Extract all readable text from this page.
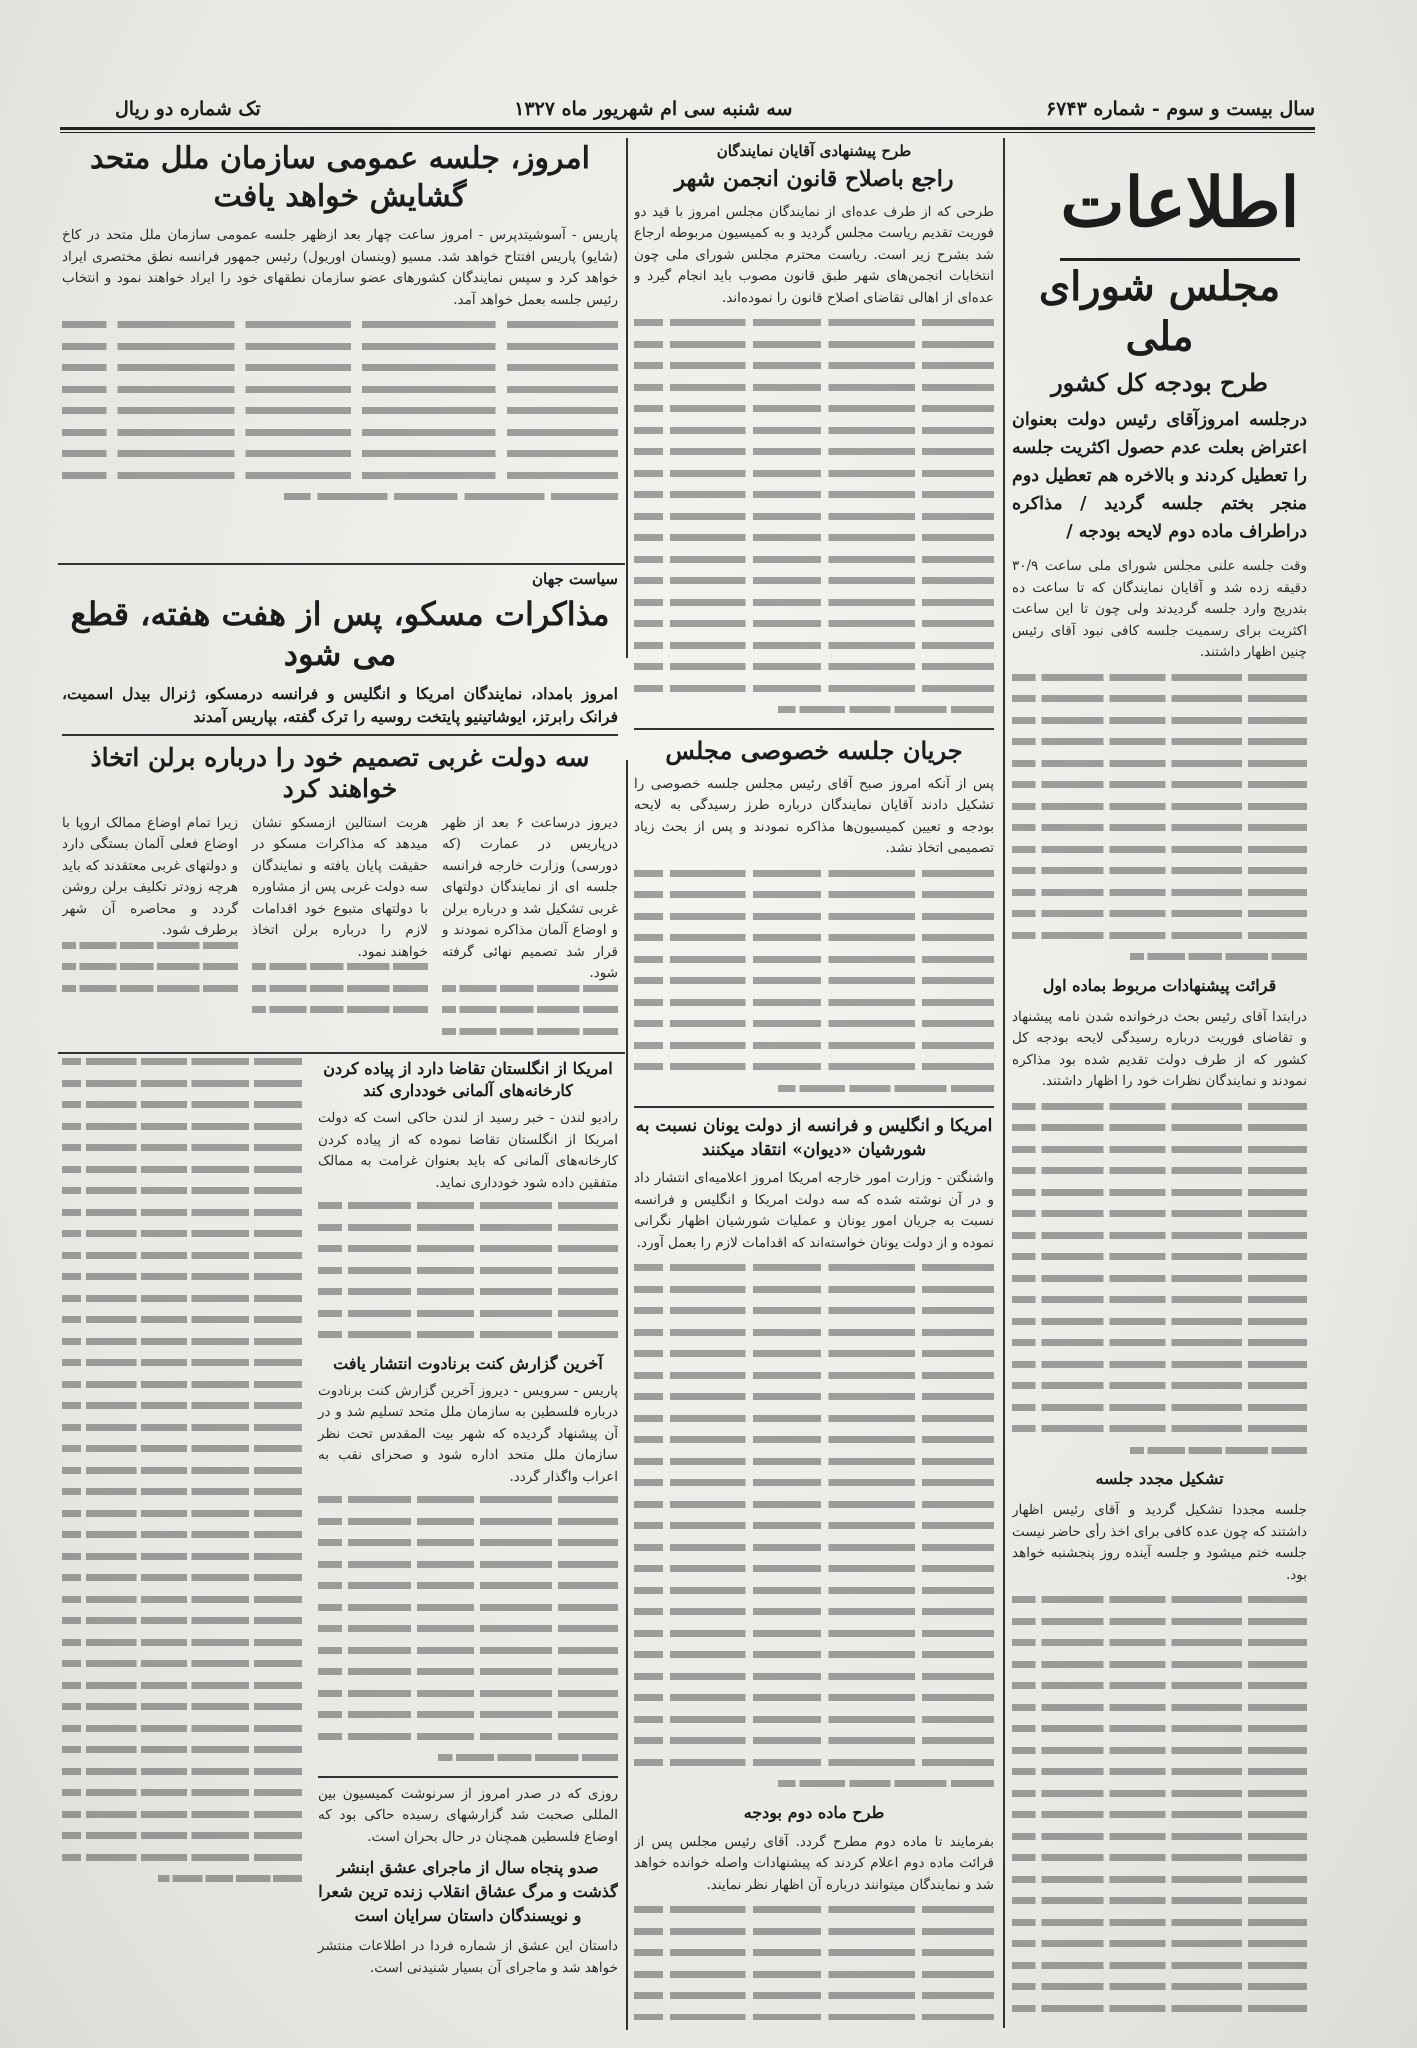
سال بیست و سوم - شماره ۶۷۴۳
سه شنبه سی ام شهریور ماه ۱۳۲۷
تک شماره دو ریال
اطلاعات
مجلس شورای ملی
طرح بودجه کل کشور
درجلسه امروزآقای رئیس دولت بعنوان اعتراض بعلت عدم حصول اکثریت جلسه را تعطیل کردند و بالاخره هم تعطیل دوم منجر بختم جلسه گردید / مذاکره دراطراف ماده دوم لایحه بودجه /
وقت جلسه علنی مجلس شورای ملی ساعت ۳۰/۹ دقیقه زده شد و آقایان نمایندگان که تا ساعت ده بتدریج وارد جلسه گردیدند ولی چون تا این ساعت اکثریت برای رسمیت جلسه کافی نبود آقای رئیس چنین اظهار داشتند.
قرائت پیشنهادات مربوط بماده اول
درابتدا آقای رئیس بحث درخوانده شدن نامه پیشنهاد و تقاضای فوریت درباره رسیدگی لایحه بودجه کل کشور که از طرف دولت تقدیم شده بود مذاکره نمودند و نمایندگان نظرات خود را اظهار داشتند.
تشکیل مجدد جلسه
جلسه مجددا تشکیل گردید و آقای رئیس اظهار داشتند که چون عده کافی برای اخذ رأی حاضر نیست جلسه ختم میشود و جلسه آینده روز پنجشنبه خواهد بود.
طرح پیشنهادی آقایان نمایندگان
راجع باصلاح قانون انجمن شهر
طرحی که از طرف عده‌ای از نمایندگان مجلس امروز با قید دو فوریت تقدیم ریاست مجلس گردید و به کمیسیون مربوطه ارجاع شد بشرح زیر است. ریاست محترم مجلس شورای ملی چون انتخابات انجمن‌های شهر طبق قانون مصوب باید انجام گیرد و عده‌ای از اهالی تقاضای اصلاح قانون را نموده‌اند.
جریان جلسه خصوصی مجلس
پس از آنکه امروز صبح آقای رئیس مجلس جلسه خصوصی را تشکیل دادند آقایان نمایندگان درباره طرز رسیدگی به لایحه بودجه و تعیین کمیسیون‌ها مذاکره نمودند و پس از بحث زیاد تصمیمی اتخاذ نشد.
امریکا و انگلیس و فرانسه از دولت یونان نسبت به شورشیان «دیوان» انتقاد میکنند
واشنگتن - وزارت امور خارجه امریکا امروز اعلامیه‌ای انتشار داد و در آن نوشته شده که سه دولت امریکا و انگلیس و فرانسه نسبت به جریان امور یونان و عملیات شورشیان اظهار نگرانی نموده و از دولت یونان خواسته‌اند که اقدامات لازم را بعمل آورد.
طرح ماده دوم بودجه
بفرمایند تا ماده دوم مطرح گردد. آقای رئیس مجلس پس از قرائت ماده دوم اعلام کردند که پیشنهادات واصله خوانده خواهد شد و نمایندگان میتوانند درباره آن اظهار نظر نمایند.
امروز، جلسه عمومی سازمان ملل متحد گشایش خواهد یافت
پاریس - آسوشیتدپرس - امروز ساعت چهار بعد ازظهر جلسه عمومی سازمان ملل متحد در کاخ (شایو) پاریس افتتاح خواهد شد. مسیو (وینسان اوریول) رئیس جمهور فرانسه نطق مختصری ایراد خواهد کرد و سپس نمایندگان کشورهای عضو سازمان نطقهای خود را ایراد خواهند نمود و انتخاب رئیس جلسه بعمل خواهد آمد.
سیاست جهان
مذاکرات مسکو، پس از هفت هفته، قطع می شود
امروز بامداد، نمایندگان امریکا و انگلیس و فرانسه درمسکو، ژنرال بیدل اسمیت، فرانک رابرتز، ایوشاتینیو پایتخت روسیه را ترک گفته، بپاریس آمدند
سه دولت غربی تصمیم خود را درباره برلن اتخاذ خواهند کرد
دیروز درساعت ۶ بعد از ظهر درپاریس در عمارت (که دورسی) وزارت خارجه فرانسه جلسه ای از نمایندگان دولتهای غربی تشکیل شد و درباره برلن و اوضاع آلمان مذاکره نمودند و قرار شد تصمیم نهائی گرفته شود.
هربت استالین ازمسکو نشان میدهد که مذاکرات مسکو در حقیقت پایان یافته و نمایندگان سه دولت غربی پس از مشاوره با دولتهای متبوع خود اقدامات لازم را درباره برلن اتخاذ خواهند نمود.
زیرا تمام اوضاع ممالک اروپا با اوضاع فعلی آلمان بستگی دارد و دولتهای غربی معتقدند که باید هرچه زودتر تکلیف برلن روشن گردد و محاصره آن شهر برطرف شود.
امریکا از انگلستان تقاضا دارد از پیاده کردن کارخانه‌های آلمانی خودداری کند
رادیو لندن - خبر رسید از لندن حاکی است که دولت امریکا از انگلستان تقاضا نموده که از پیاده کردن کارخانه‌های آلمانی که باید بعنوان غرامت به ممالک متفقین داده شود خودداری نماید.
آخرین گزارش کنت برنادوت انتشار یافت
پاریس - سرویس - دیروز آخرین گزارش کنت برنادوت درباره فلسطین به سازمان ملل متحد تسلیم شد و در آن پیشنهاد گردیده که شهر بیت المقدس تحت نظر سازمان ملل متحد اداره شود و صحرای نقب به اعراب واگذار گردد.
روزی که در صدر امروز از سرنوشت کمیسیون بین المللی صحبت شد گزارشهای رسیده حاکی بود که اوضاع فلسطین همچنان در حال بحران است.
صدو پنجاه سال از ماجرای عشق ابنشر گذشت و مرگ عشاق انقلاب زنده ترین شعرا و نویسندگان داستان سرایان است
داستان این عشق از شماره فردا در اطلاعات منتشر خواهد شد و ماجرای آن بسیار شنیدنی است.
